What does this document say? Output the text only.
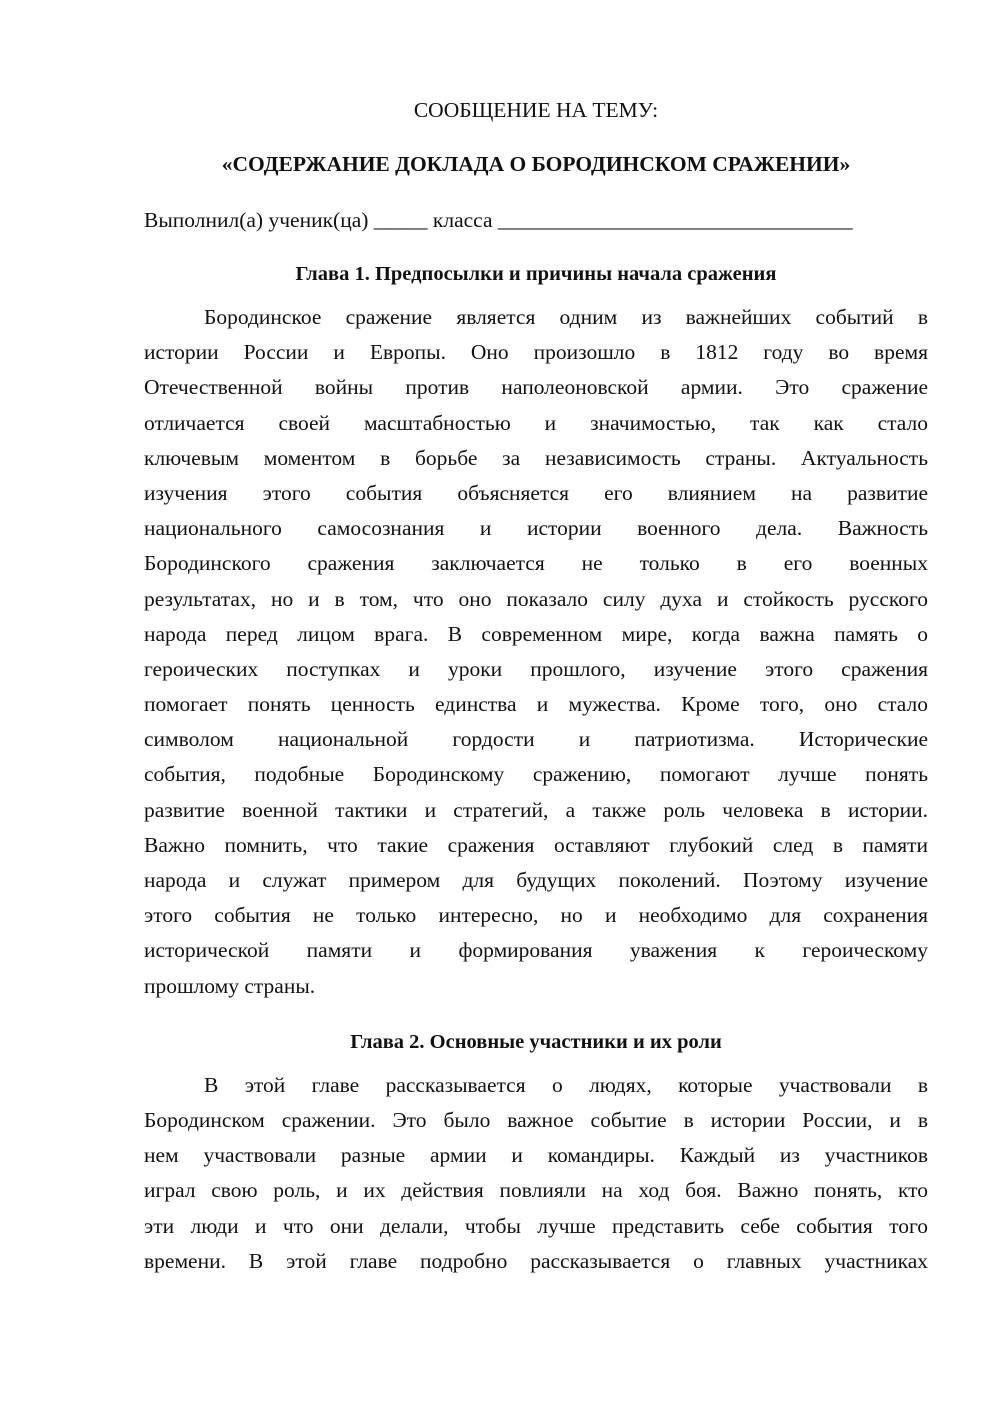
СООБЩЕНИЕ НА ТЕМУ:

«СОДЕРЖАНИЕ ДОКЛАДА О БОРОДИНСКОМ СРАЖЕНИИ»

Выполнил(а) ученик(ца) _____ класса _________________________________
Глава 1. Предпосылки и причины начала сражения
Бородинское сражение является одним из важнейших событий в
истории России и Европы. Оно произошло в 1812 году во время
Отечественной войны против наполеоновской армии. Это сражение
отличается своей масштабностью и значимостью, так как стало
ключевым моментом в борьбе за независимость страны. Актуальность
изучения этого события объясняется его влиянием на развитие
национального самосознания и истории военного дела. Важность
Бородинского сражения заключается не только в его военных
результатах, но и в том, что оно показало силу духа и стойкость русского
народа перед лицом врага. В современном мире, когда важна память о
героических поступках и уроки прошлого, изучение этого сражения
помогает понять ценность единства и мужества. Кроме того, оно стало
символом национальной гордости и патриотизма. Исторические
события, подобные Бородинскому сражению, помогают лучше понять
развитие военной тактики и стратегий, а также роль человека в истории.
Важно помнить, что такие сражения оставляют глубокий след в памяти
народа и служат примером для будущих поколений. Поэтому изучение
этого события не только интересно, но и необходимо для сохранения
исторической памяти и формирования уважения к героическому
прошлому страны.
Глава 2. Основные участники и их роли
В этой главе рассказывается о людях, которые участвовали в
Бородинском сражении. Это было важное событие в истории России, и в
нем участвовали разные армии и командиры. Каждый из участников
играл свою роль, и их действия повлияли на ход боя. Важно понять, кто
эти люди и что они делали, чтобы лучше представить себе события того
времени. В этой главе подробно рассказывается о главных участниках
